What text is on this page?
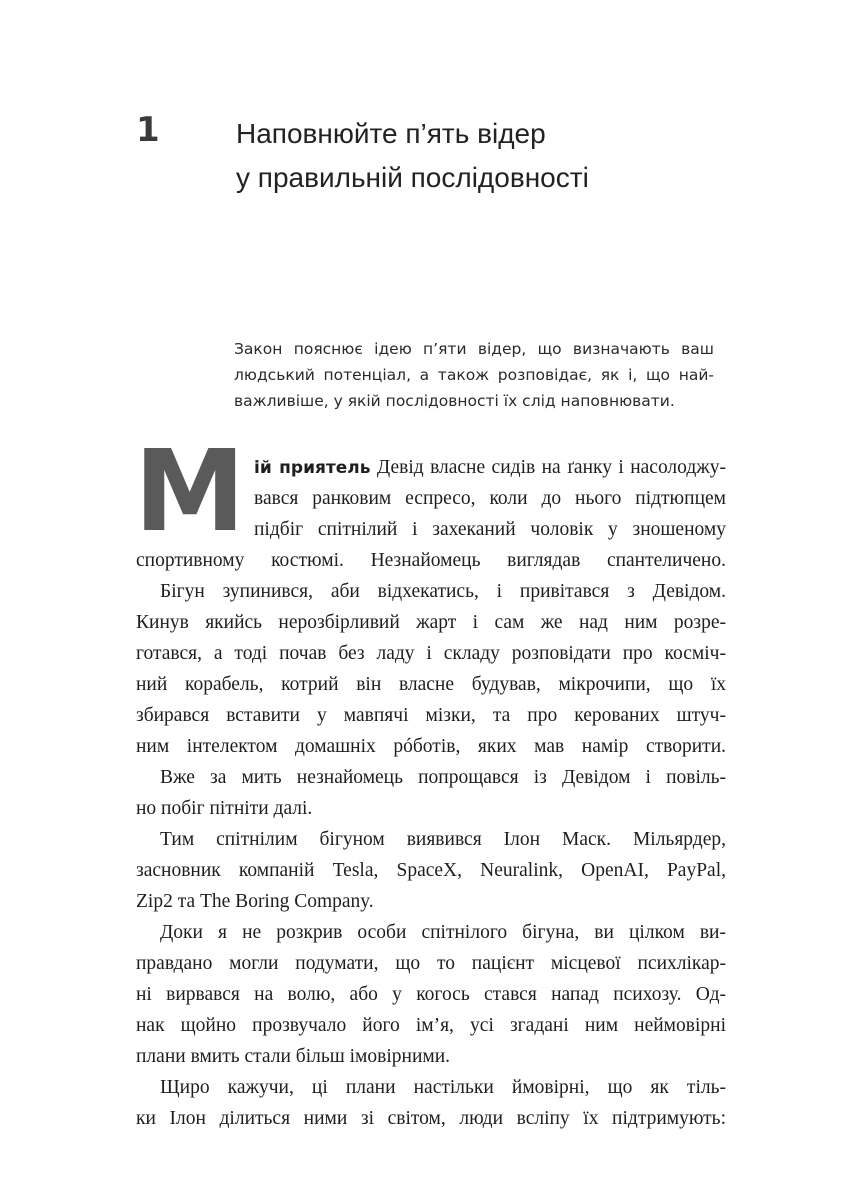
1	Наповнюйте п’ять відер
у правильній послідовності
Закон пояснює ідею п’яти відер, що визначають ваш
людський потенціал, а також розповідає, як і, що най-
важливіше, у якій послідовності їх слід наповнювати.
М ій приятель Девід власне сидів на ґанку і насолоджу-
вався ранковим еспресо, коли до нього підтюпцем
підбіг спітнілий і захеканий чоловік у зношеному
спортивному костюмі. Незнайомець виглядав спантеличено.
Бігун зупинився, аби відхекатись, і привітався з Девідом.
Кинув якийсь нерозбірливий жарт і сам же над ним розре-
готався, а тоді почав без ладу і складу розповідати про косміч-
ний корабель, котрий він власне будував, мікрочипи, що їх
збирався вставити у мавпячі мізки, та про керованих штуч-
ним інтелектом домашніх рóботів, яких мав намір створити.
Вже за мить незнайомець попрощався із Девідом і повіль-
но побіг пітніти далі.
Тим спітнілим бігуном виявився Ілон Маск. Мільярдер,
засновник компаній Tesla, SpaceX, Neuralink, OpenAI, PayPal,
Zip2 та The Boring Company.
Доки я не розкрив особи спітнілого бігуна, ви цілком ви-
правдано могли подумати, що то пацієнт місцевої психлікар-
ні вирвався на волю, або у когось стався напад психозу. Од-
нак щойно прозвучало його ім’я, усі згадані ним неймовірні
плани вмить стали більш імовірними.
Щиро кажучи, ці плани настільки ймовірні, що як тіль-
ки Ілон ділиться ними зі світом, люди всліпу їх підтримують:
